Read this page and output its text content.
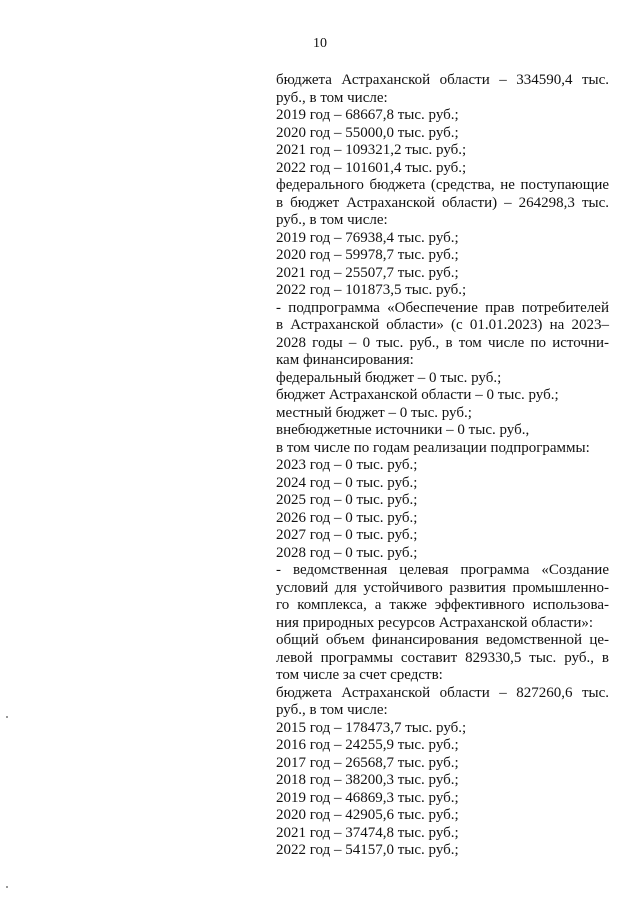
10
бюджета Астраханской области – 334590,4 тыс.
руб., в том числе:
2019 год – 68667,8 тыс. руб.;
2020 год – 55000,0 тыс. руб.;
2021 год – 109321,2 тыс. руб.;
2022 год – 101601,4 тыс. руб.;
федерального бюджета (средства, не поступающие
в бюджет Астраханской области) – 264298,3 тыс.
руб., в том числе:
2019 год – 76938,4 тыс. руб.;
2020 год – 59978,7 тыс. руб.;
2021 год – 25507,7 тыс. руб.;
2022 год – 101873,5 тыс. руб.;
- подпрограмма «Обеспечение прав потребителей
в Астраханской области» (с 01.01.2023) на 2023–
2028 годы – 0 тыс. руб., в том числе по источни-
кам финансирования:
федеральный бюджет – 0 тыс. руб.;
бюджет Астраханской области – 0 тыс. руб.;
местный бюджет – 0 тыс. руб.;
внебюджетные источники – 0 тыс. руб.,
в том числе по годам реализации подпрограммы:
2023 год – 0 тыс. руб.;
2024 год – 0 тыс. руб.;
2025 год – 0 тыс. руб.;
2026 год – 0 тыс. руб.;
2027 год – 0 тыс. руб.;
2028 год – 0 тыс. руб.;
- ведомственная целевая программа «Создание
условий для устойчивого развития промышленно-
го комплекса, а также эффективного использова-
ния природных ресурсов Астраханской области»:
общий объем финансирования ведомственной це-
левой программы составит 829330,5 тыс. руб., в
том числе за счет средств:
бюджета Астраханской области – 827260,6 тыс.
руб., в том числе:
2015 год – 178473,7 тыс. руб.;
2016 год – 24255,9 тыс. руб.;
2017 год – 26568,7 тыс. руб.;
2018 год – 38200,3 тыс. руб.;
2019 год – 46869,3 тыс. руб.;
2020 год – 42905,6 тыс. руб.;
2021 год – 37474,8 тыс. руб.;
2022 год – 54157,0 тыс. руб.;
